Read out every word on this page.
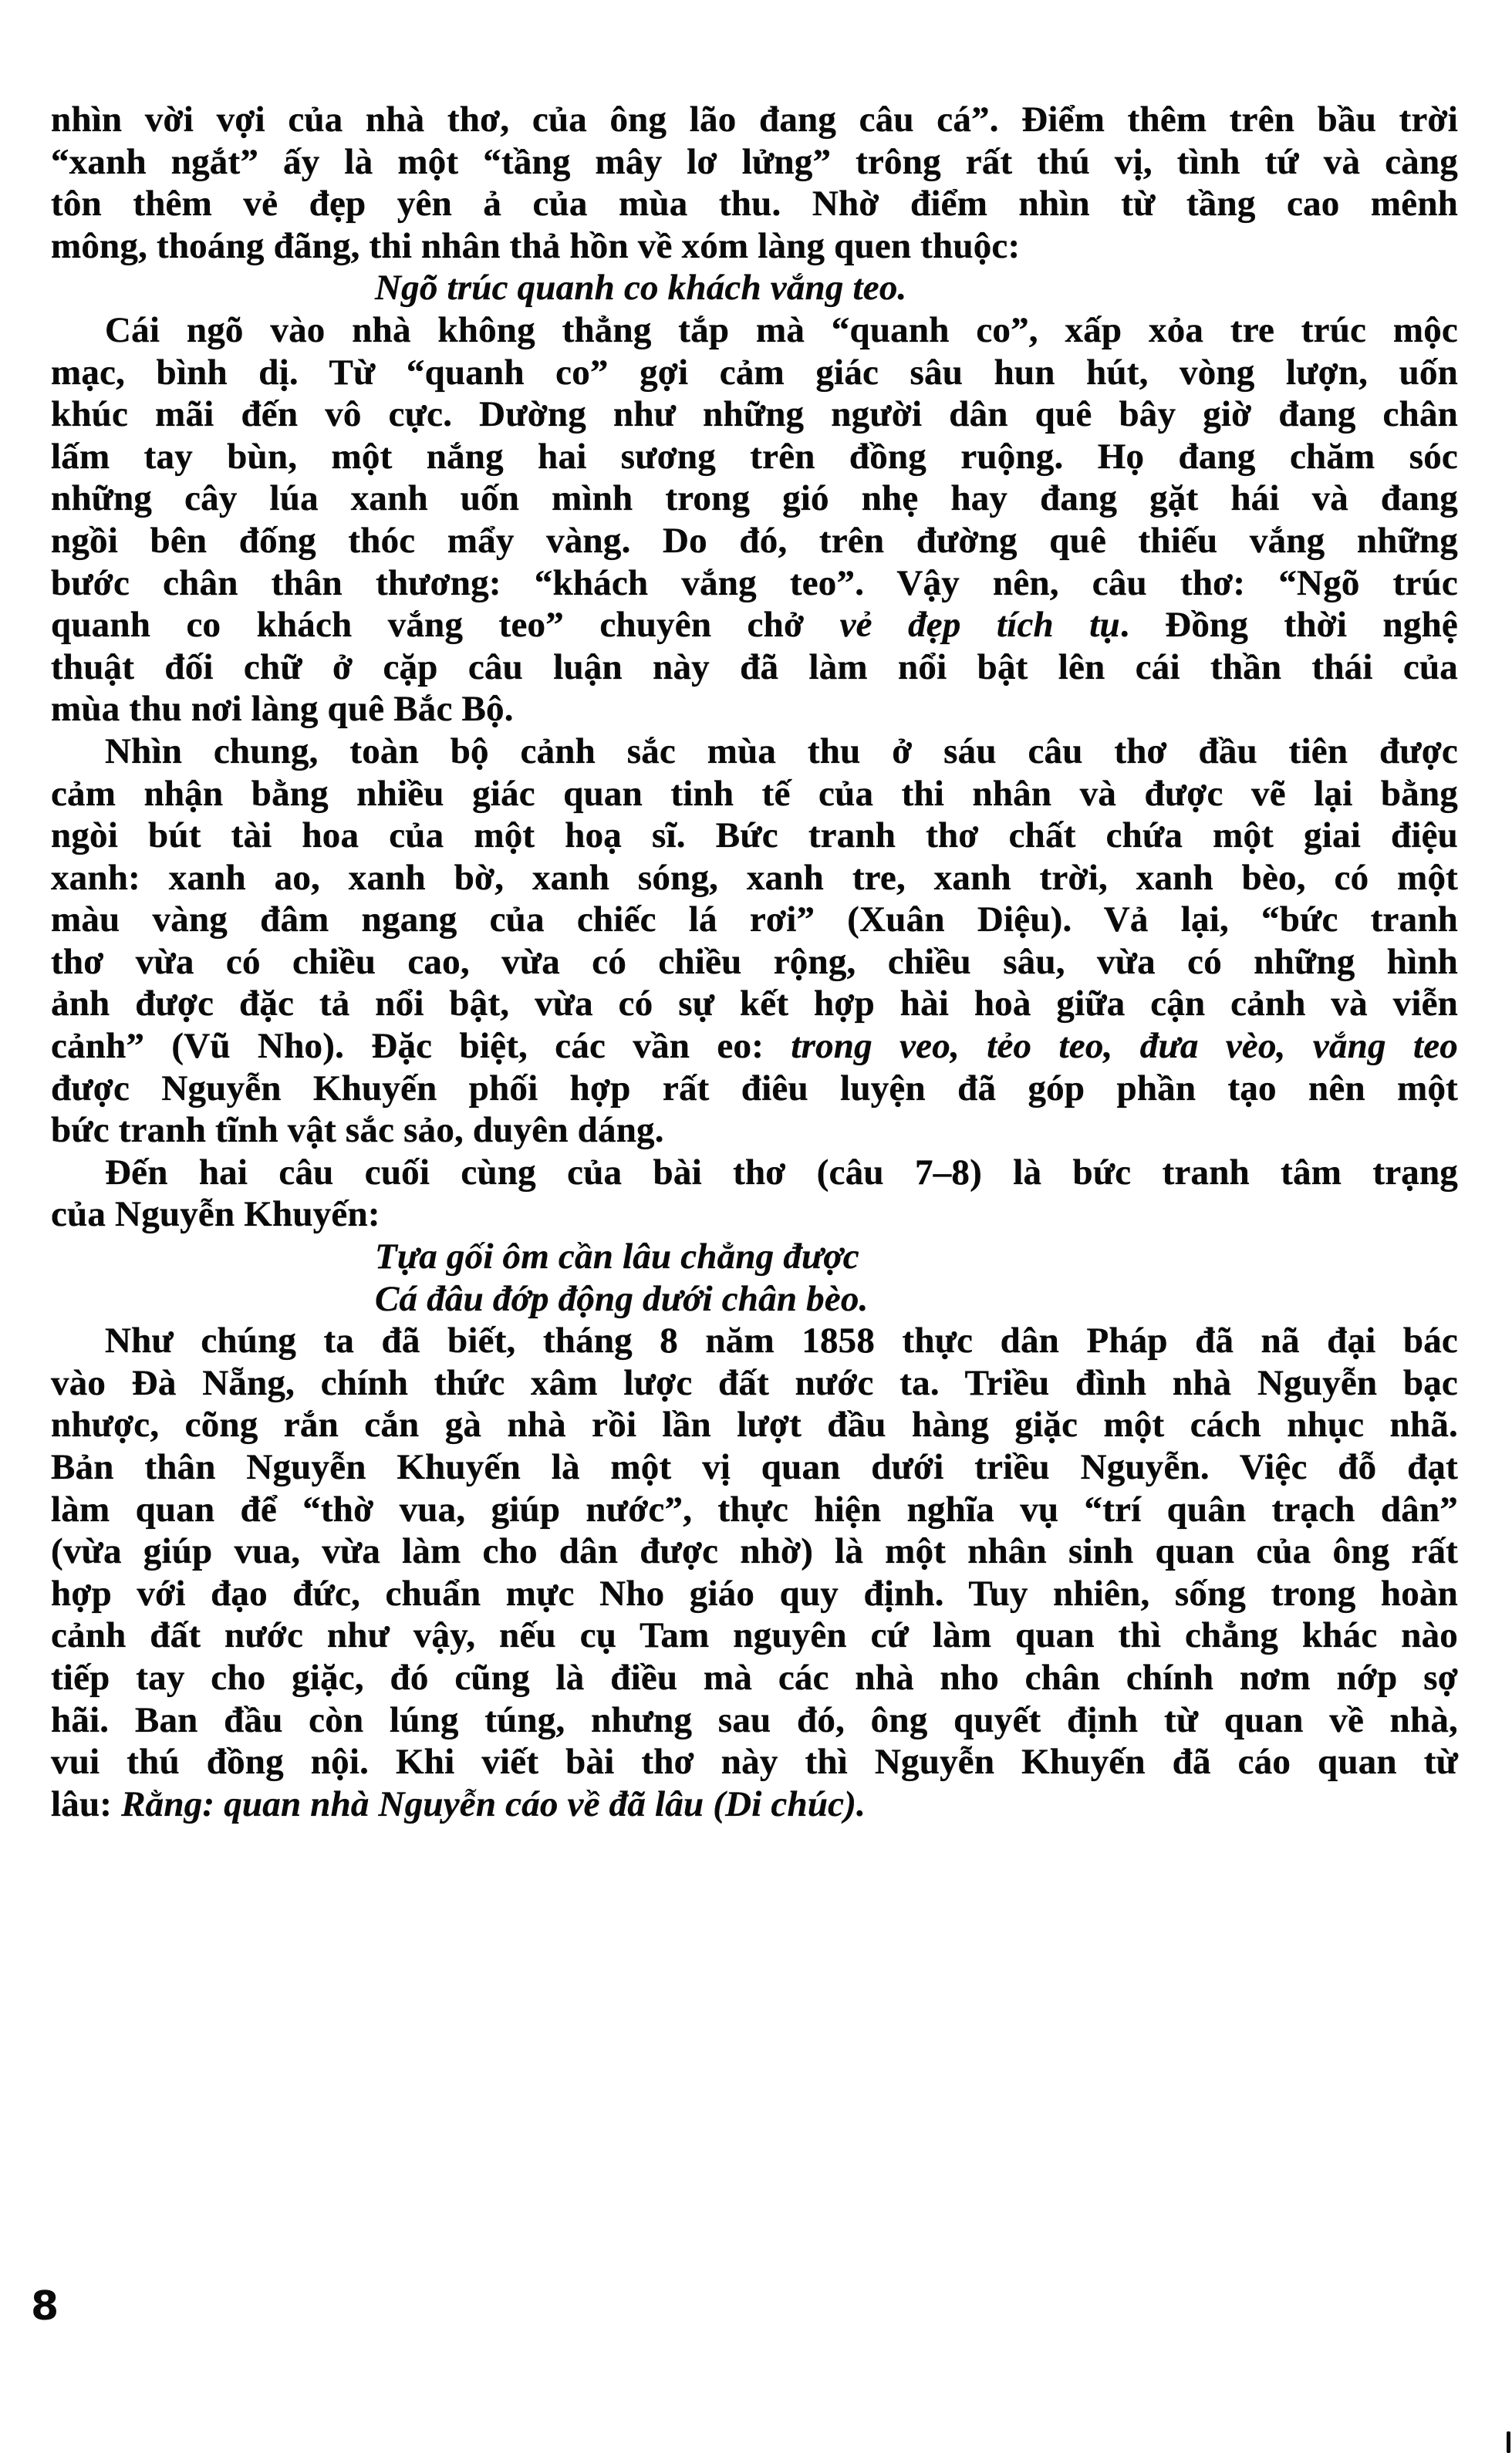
nhìn vời vợi của nhà thơ, của ông lão đang câu cá”. Điểm thêm trên bầu trời
“xanh ngắt” ấy là một “tầng mây lơ lửng” trông rất thú vị, tình tứ và càng
tôn thêm vẻ đẹp yên ả của mùa thu. Nhờ điểm nhìn từ tầng cao mênh
mông, thoáng đãng, thi nhân thả hồn về xóm làng quen thuộc:
Ngõ trúc quanh co khách vắng teo.
Cái ngõ vào nhà không thẳng tắp mà “quanh co”, xấp xỏa tre trúc mộc
mạc, bình dị. Từ “quanh co” gợi cảm giác sâu hun hút, vòng lượn, uốn
khúc mãi đến vô cực. Dường như những người dân quê bây giờ đang chân
lấm tay bùn, một nắng hai sương trên đồng ruộng. Họ đang chăm sóc
những cây lúa xanh uốn mình trong gió nhẹ hay đang gặt hái và đang
ngồi bên đống thóc mẩy vàng. Do đó, trên đường quê thiếu vắng những
bước chân thân thương: “khách vắng teo”. Vậy nên, câu thơ: “Ngõ trúc
quanh co khách vắng teo” chuyên chở vẻ đẹp tích tụ. Đồng thời nghệ
thuật đối chữ ở cặp câu luận này đã làm nổi bật lên cái thần thái của
mùa thu nơi làng quê Bắc Bộ.
Nhìn chung, toàn bộ cảnh sắc mùa thu ở sáu câu thơ đầu tiên được
cảm nhận bằng nhiều giác quan tinh tế của thi nhân và được vẽ lại bằng
ngòi bút tài hoa của một hoạ sĩ. Bức tranh thơ chất chứa một giai điệu
xanh: xanh ao, xanh bờ, xanh sóng, xanh tre, xanh trời, xanh bèo, có một
màu vàng đâm ngang của chiếc lá rơi” (Xuân Diệu). Vả lại, “bức tranh
thơ vừa có chiều cao, vừa có chiều rộng, chiều sâu, vừa có những hình
ảnh được đặc tả nổi bật, vừa có sự kết hợp hài hoà giữa cận cảnh và viễn
cảnh” (Vũ Nho). Đặc biệt, các vần eo: trong veo, tẻo teo, đưa vèo, vắng teo
được Nguyễn Khuyến phối hợp rất điêu luyện đã góp phần tạo nên một
bức tranh tĩnh vật sắc sảo, duyên dáng.
Đến hai câu cuối cùng của bài thơ (câu 7–8) là bức tranh tâm trạng
của Nguyễn Khuyến:
Tựa gối ôm cần lâu chẳng được
Cá đâu đớp động dưới chân bèo.
Như chúng ta đã biết, tháng 8 năm 1858 thực dân Pháp đã nã đại bác
vào Đà Nẵng, chính thức xâm lược đất nước ta. Triều đình nhà Nguyễn bạc
nhược, cõng rắn cắn gà nhà rồi lần lượt đầu hàng giặc một cách nhục nhã.
Bản thân Nguyễn Khuyến là một vị quan dưới triều Nguyễn. Việc đỗ đạt
làm quan để “thờ vua, giúp nước”, thực hiện nghĩa vụ “trí quân trạch dân”
(vừa giúp vua, vừa làm cho dân được nhờ) là một nhân sinh quan của ông rất
hợp với đạo đức, chuẩn mực Nho giáo quy định. Tuy nhiên, sống trong hoàn
cảnh đất nước như vậy, nếu cụ Tam nguyên cứ làm quan thì chẳng khác nào
tiếp tay cho giặc, đó cũng là điều mà các nhà nho chân chính nơm nớp sợ
hãi. Ban đầu còn lúng túng, nhưng sau đó, ông quyết định từ quan về nhà,
vui thú đồng nội. Khi viết bài thơ này thì Nguyễn Khuyến đã cáo quan từ
lâu: Rằng: quan nhà Nguyễn cáo về đã lâu (Di chúc).
8
